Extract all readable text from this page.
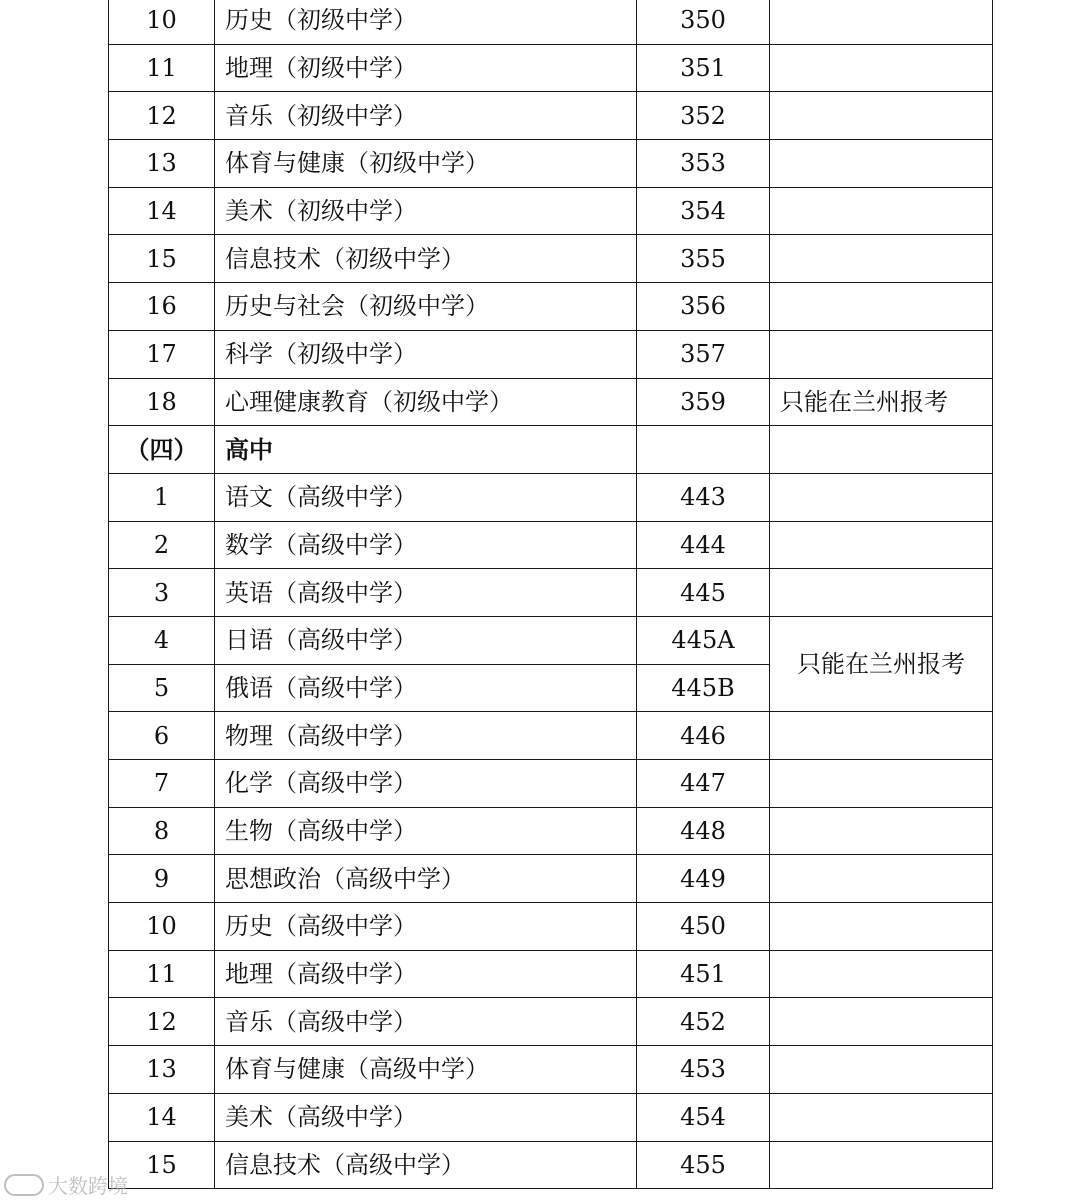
10	历史（初级中学）	350	
11	地理（初级中学）	351	
12	音乐（初级中学）	352	
13	体育与健康（初级中学）	353	
14	美术（初级中学）	354	
15	信息技术（初级中学）	355	
16	历史与社会（初级中学）	356	
17	科学（初级中学）	357	
18	心理健康教育（初级中学）	359	只能在兰州报考
（四）	高中		
1	语文（高级中学）	443	
2	数学（高级中学）	444	
3	英语（高级中学）	445	
4	日语（高级中学）	445A	只能在兰州报考
5	俄语（高级中学）	445B	
6	物理（高级中学）	446	
7	化学（高级中学）	447	
8	生物（高级中学）	448	
9	思想政治（高级中学）	449	
10	历史（高级中学）	450	
11	地理（高级中学）	451	
12	音乐（高级中学）	452	
13	体育与健康（高级中学）	453	
14	美术（高级中学）	454	
15	信息技术（高级中学）	455	
大数跨境
